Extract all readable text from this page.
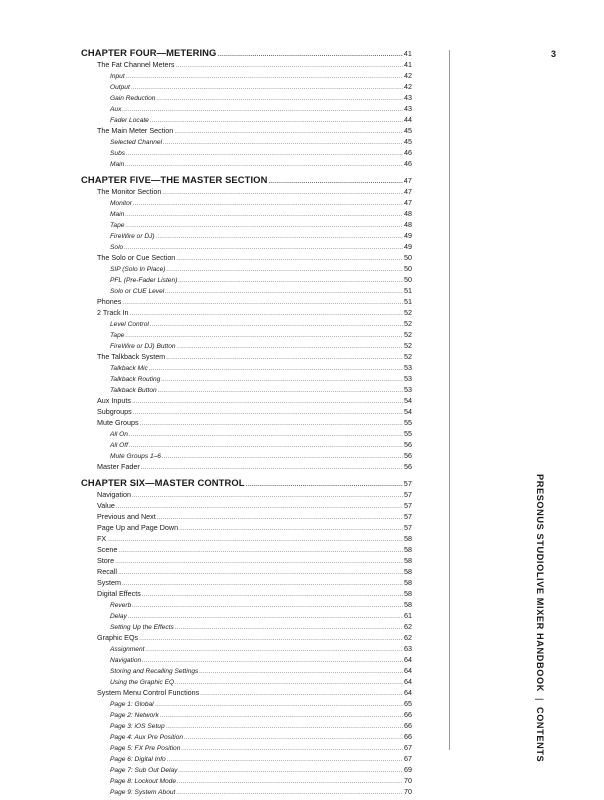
CHAPTER FOUR—METERING .....	41
The Fat Channel Meters .....	41
Input .....	42
Output .....	42
Gain Reduction .....	43
Aux .....	43
Fader Locate .....	44
The Main Meter Section .....	45
Selected Channel .....	45
Subs .....	46
Main .....	46
CHAPTER FIVE—THE MASTER SECTION .....	47
The Monitor Section .....	47
Monitor .....	47
Main .....	48
Tape .....	48
FireWire or DJ) .....	49
Solo .....	49
The Solo or Cue Section .....	50
SIP (Solo In Place) .....	50
PFL (Pre-Fader Listen) .....	50
Solo or CUE Level .....	51
Phones .....	51
2 Track In .....	52
Level Control .....	52
Tape .....	52
FireWire or DJ) Button .....	52
The Talkback System .....	52
Talkback Mic .....	53
Talkback Routing .....	53
Talkback Button .....	53
Aux Inputs .....	54
Subgroups .....	54
Mute Groups .....	55
All On .....	55
All Off .....	56
Mute Groups 1–6 .....	56
Master Fader .....	56
CHAPTER SIX—MASTER CONTROL .....	57
Navigation .....	57
Value .....	57
Previous and Next .....	57
Page Up and Page Down .....	57
FX .....	58
Scene .....	58
Store .....	58
Recall .....	58
System .....	58
Digital Effects .....	58
Reverb .....	58
Delay .....	61
Setting Up the Effects .....	62
Graphic EQs .....	62
Assignment .....	63
Navigation .....	64
Storing and Recalling Settings .....	64
Using the Graphic EQ .....	64
System Menu Control Functions .....	64
Page 1: Global .....	65
Page 2: Network .....	66
Page 3: iOS Setup .....	66
Page 4: Aux Pre Position .....	66
Page 5: FX Pre Position .....	67
Page 6: Digital Info .....	67
Page 7: Sub Out Delay .....	69
Page 8: Lockout Mode .....	70
Page 9: System About .....	70
3
PRESONUS STUDIOLIVE MIXER HANDBOOK|CONTENTS
